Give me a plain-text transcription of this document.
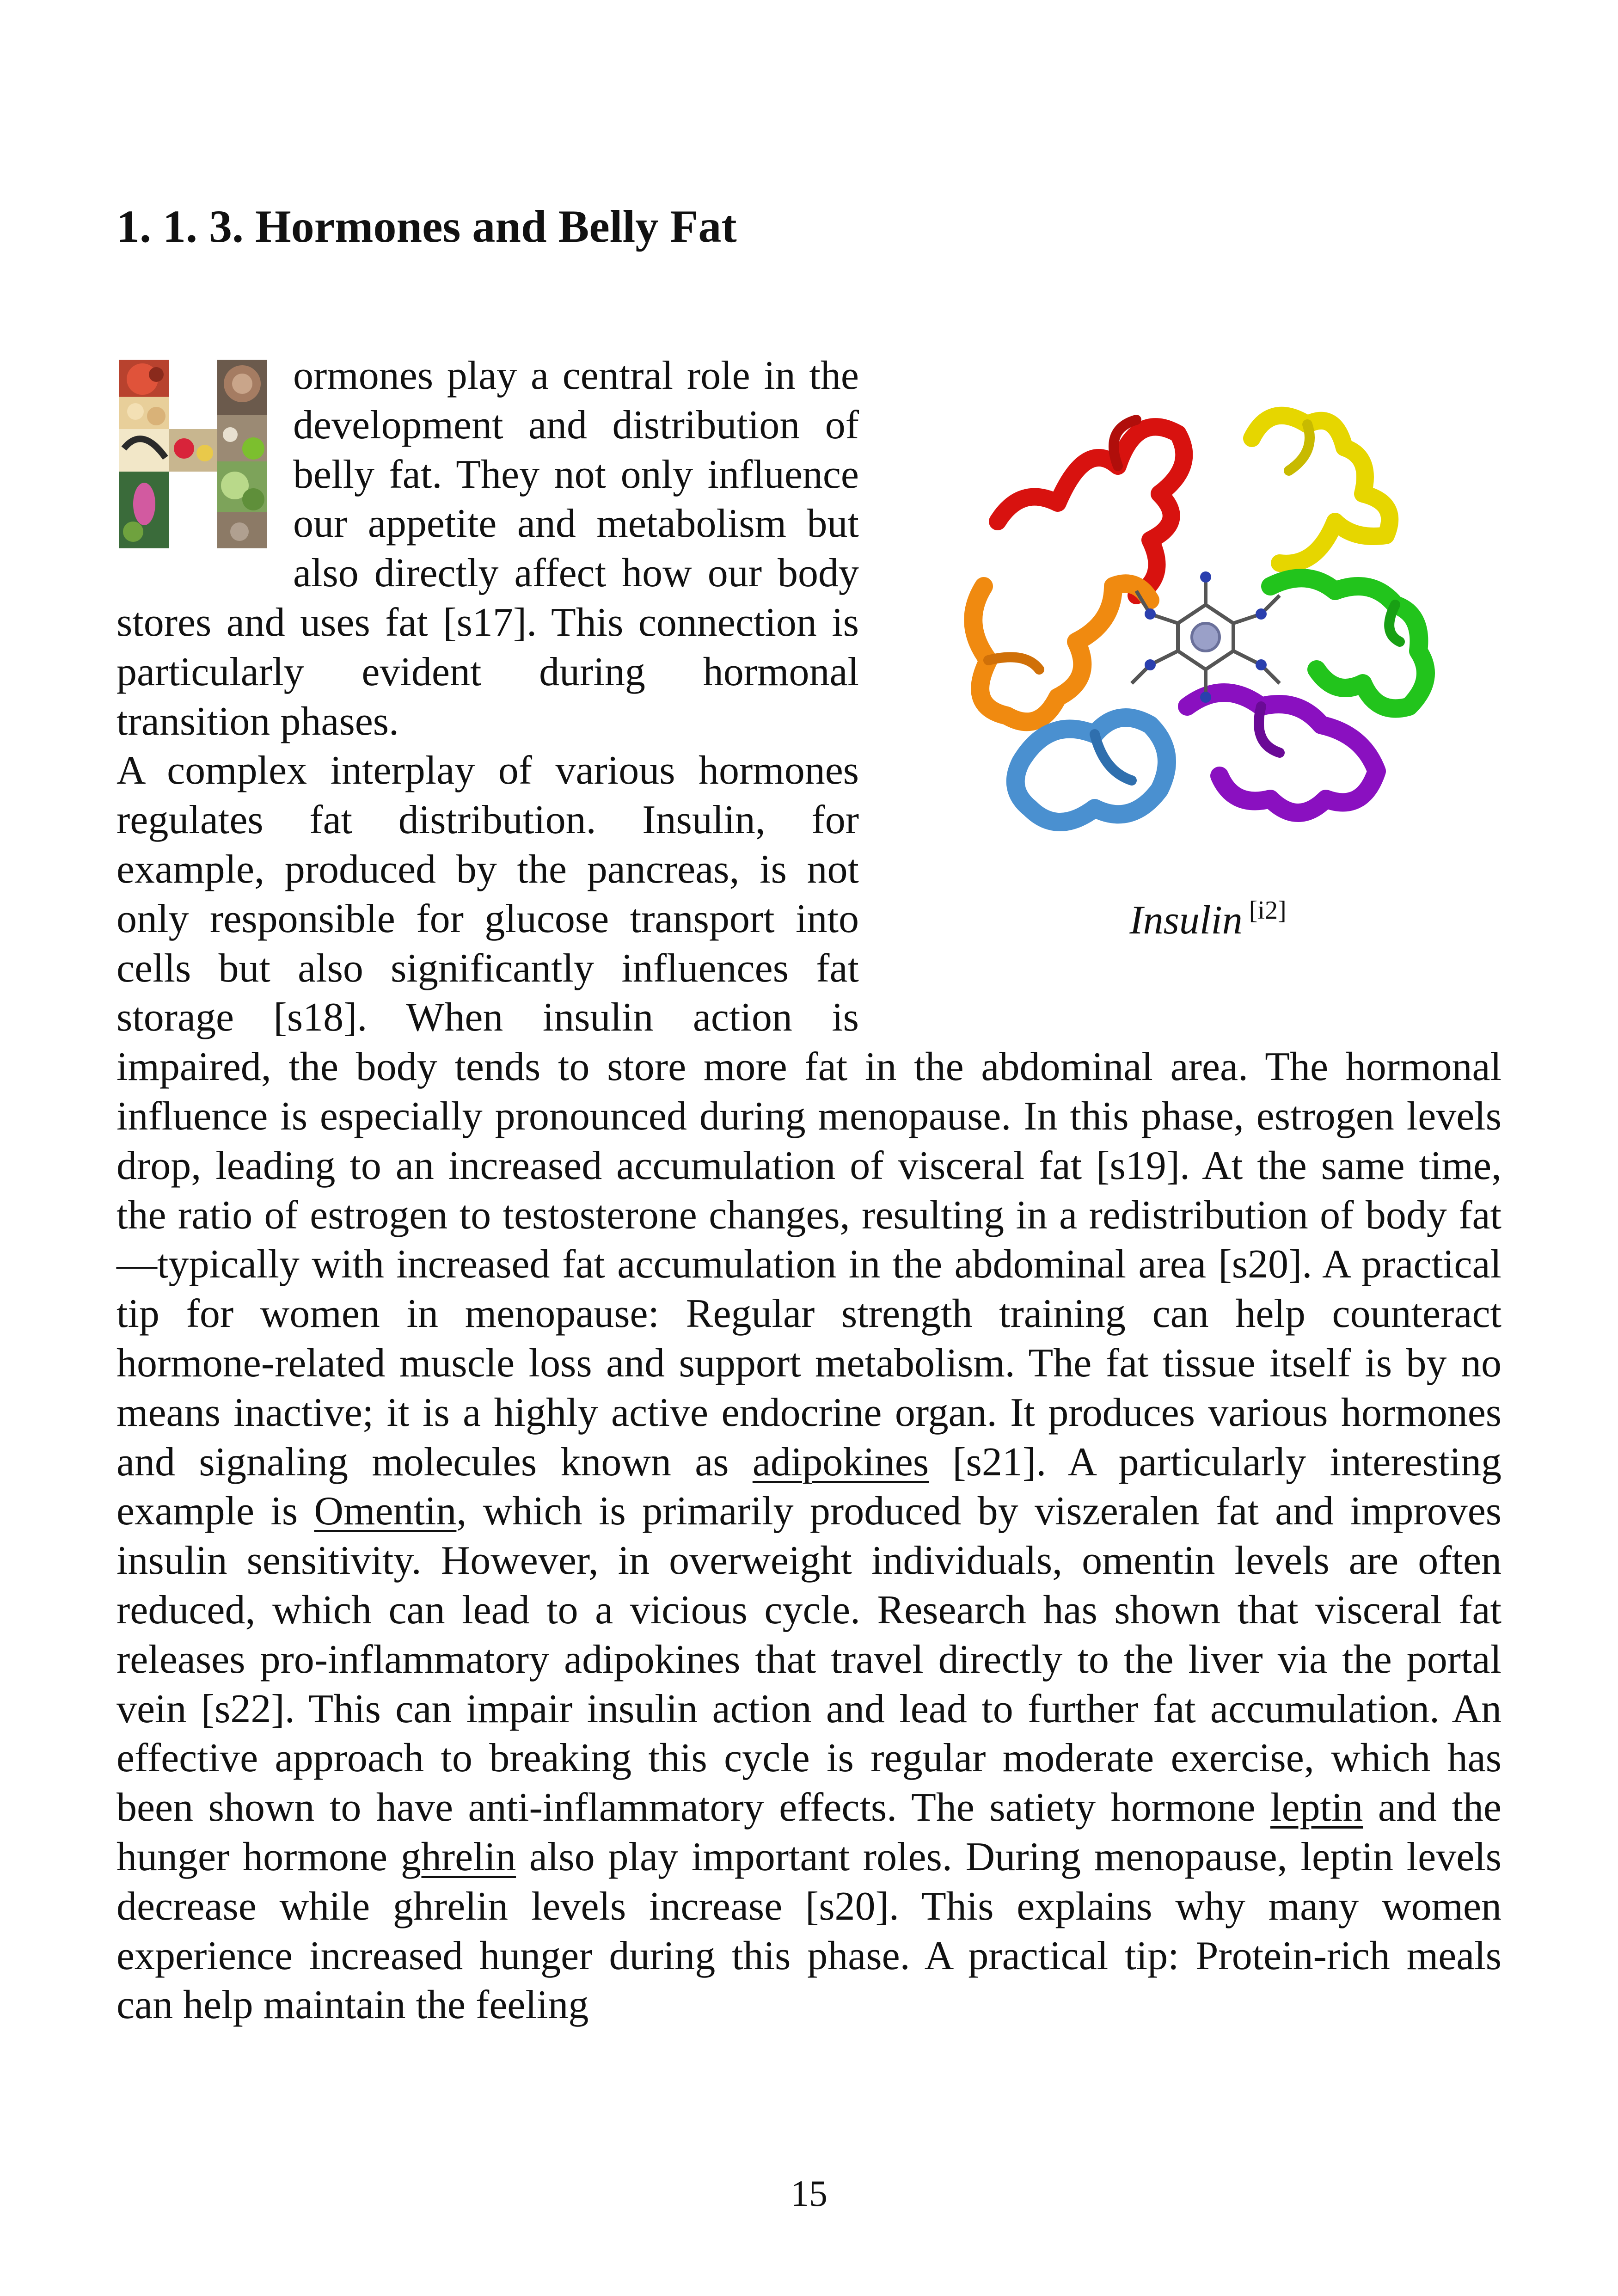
1. 1. 3. Hormones and Belly Fat
Insulin [i2]
ormones play a central role in the development and distribution of belly fat. They not only influence our appetite and metabolism but also directly affect how our body stores and uses fat [s17]. This connection is particularly evident during hormonal transition phases.
A complex interplay of various hormones regulates fat distribution. Insulin, for example, produced by the pancreas, is not only responsible for glucose transport into cells but also significantly influences fat storage [s18]. When insulin action is impaired, the body tends to store more fat in the abdominal area. The hormonal influence is especially pronounced during menopause. In this phase, estrogen levels drop, leading to an increased accumulation of visceral fat [s19]. At the same time, the ratio of estrogen to testosterone changes, resulting in a redistribution of body fat—typically with increased fat accumulation in the abdominal area [s20]. A practical tip for women in menopause: Regular strength training can help counteract hormone-related muscle loss and support metabolism. The fat tissue itself is by no means inactive; it is a highly active endocrine organ. It produces various hormones and signaling molecules known as adipokines [s21]. A particularly interesting example is Omentin, which is primarily produced by viszeralen fat and improves insulin sensitivity. However, in overweight individuals, omentin levels are often reduced, which can lead to a vicious cycle. Research has shown that visceral fat releases pro-inflammatory adipokines that travel directly to the liver via the portal vein [s22]. This can impair insulin action and lead to further fat accumulation. An effective approach to breaking this cycle is regular moderate exercise, which has been shown to have anti-inflammatory effects. The satiety hormone leptin and the hunger hormone ghrelin also play important roles. During menopause, leptin levels decrease while ghrelin levels increase [s20]. This explains why many women experience increased hunger during this phase. A practical tip: Protein-rich meals can help maintain the feeling

15
